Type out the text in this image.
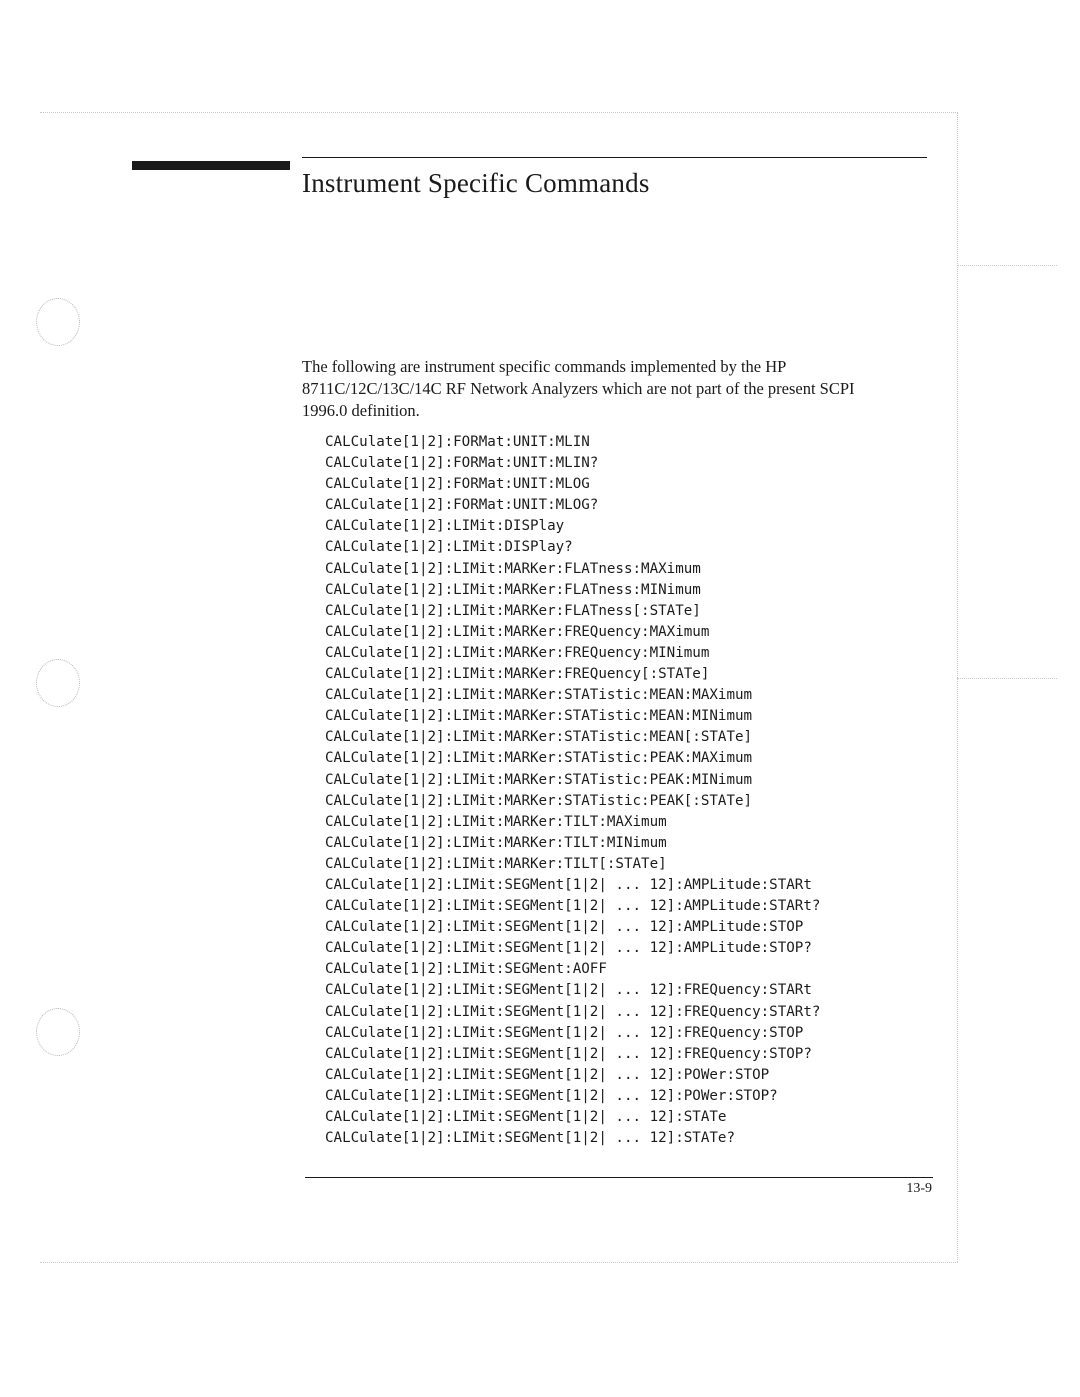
Instrument Specific Commands

The following are instrument specific commands implemented by the HP 8711C/12C/13C/14C RF Network Analyzers which are not part of the present SCPI 1996.0 definition.

CALCulate[1|2]:FORMat:UNIT:MLIN
CALCulate[1|2]:FORMat:UNIT:MLIN?
CALCulate[1|2]:FORMat:UNIT:MLOG
CALCulate[1|2]:FORMat:UNIT:MLOG?
CALCulate[1|2]:LIMit:DISPlay
CALCulate[1|2]:LIMit:DISPlay?
CALCulate[1|2]:LIMit:MARKer:FLATness:MAXimum
CALCulate[1|2]:LIMit:MARKer:FLATness:MINimum
CALCulate[1|2]:LIMit:MARKer:FLATness[:STATe]
CALCulate[1|2]:LIMit:MARKer:FREQuency:MAXimum
CALCulate[1|2]:LIMit:MARKer:FREQuency:MINimum
CALCulate[1|2]:LIMit:MARKer:FREQuency[:STATe]
CALCulate[1|2]:LIMit:MARKer:STATistic:MEAN:MAXimum
CALCulate[1|2]:LIMit:MARKer:STATistic:MEAN:MINimum
CALCulate[1|2]:LIMit:MARKer:STATistic:MEAN[:STATe]
CALCulate[1|2]:LIMit:MARKer:STATistic:PEAK:MAXimum
CALCulate[1|2]:LIMit:MARKer:STATistic:PEAK:MINimum
CALCulate[1|2]:LIMit:MARKer:STATistic:PEAK[:STATe]
CALCulate[1|2]:LIMit:MARKer:TILT:MAXimum
CALCulate[1|2]:LIMit:MARKer:TILT:MINimum
CALCulate[1|2]:LIMit:MARKer:TILT[:STATe]
CALCulate[1|2]:LIMit:SEGMent[1|2| ... 12]:AMPLitude:STARt
CALCulate[1|2]:LIMit:SEGMent[1|2| ... 12]:AMPLitude:STARt?
CALCulate[1|2]:LIMit:SEGMent[1|2| ... 12]:AMPLitude:STOP
CALCulate[1|2]:LIMit:SEGMent[1|2| ... 12]:AMPLitude:STOP?
CALCulate[1|2]:LIMit:SEGMent:AOFF
CALCulate[1|2]:LIMit:SEGMent[1|2| ... 12]:FREQuency:STARt
CALCulate[1|2]:LIMit:SEGMent[1|2| ... 12]:FREQuency:STARt?
CALCulate[1|2]:LIMit:SEGMent[1|2| ... 12]:FREQuency:STOP
CALCulate[1|2]:LIMit:SEGMent[1|2| ... 12]:FREQuency:STOP?
CALCulate[1|2]:LIMit:SEGMent[1|2| ... 12]:POWer:STOP
CALCulate[1|2]:LIMit:SEGMent[1|2| ... 12]:POWer:STOP?
CALCulate[1|2]:LIMit:SEGMent[1|2| ... 12]:STATe
CALCulate[1|2]:LIMit:SEGMent[1|2| ... 12]:STATe?
13-9
